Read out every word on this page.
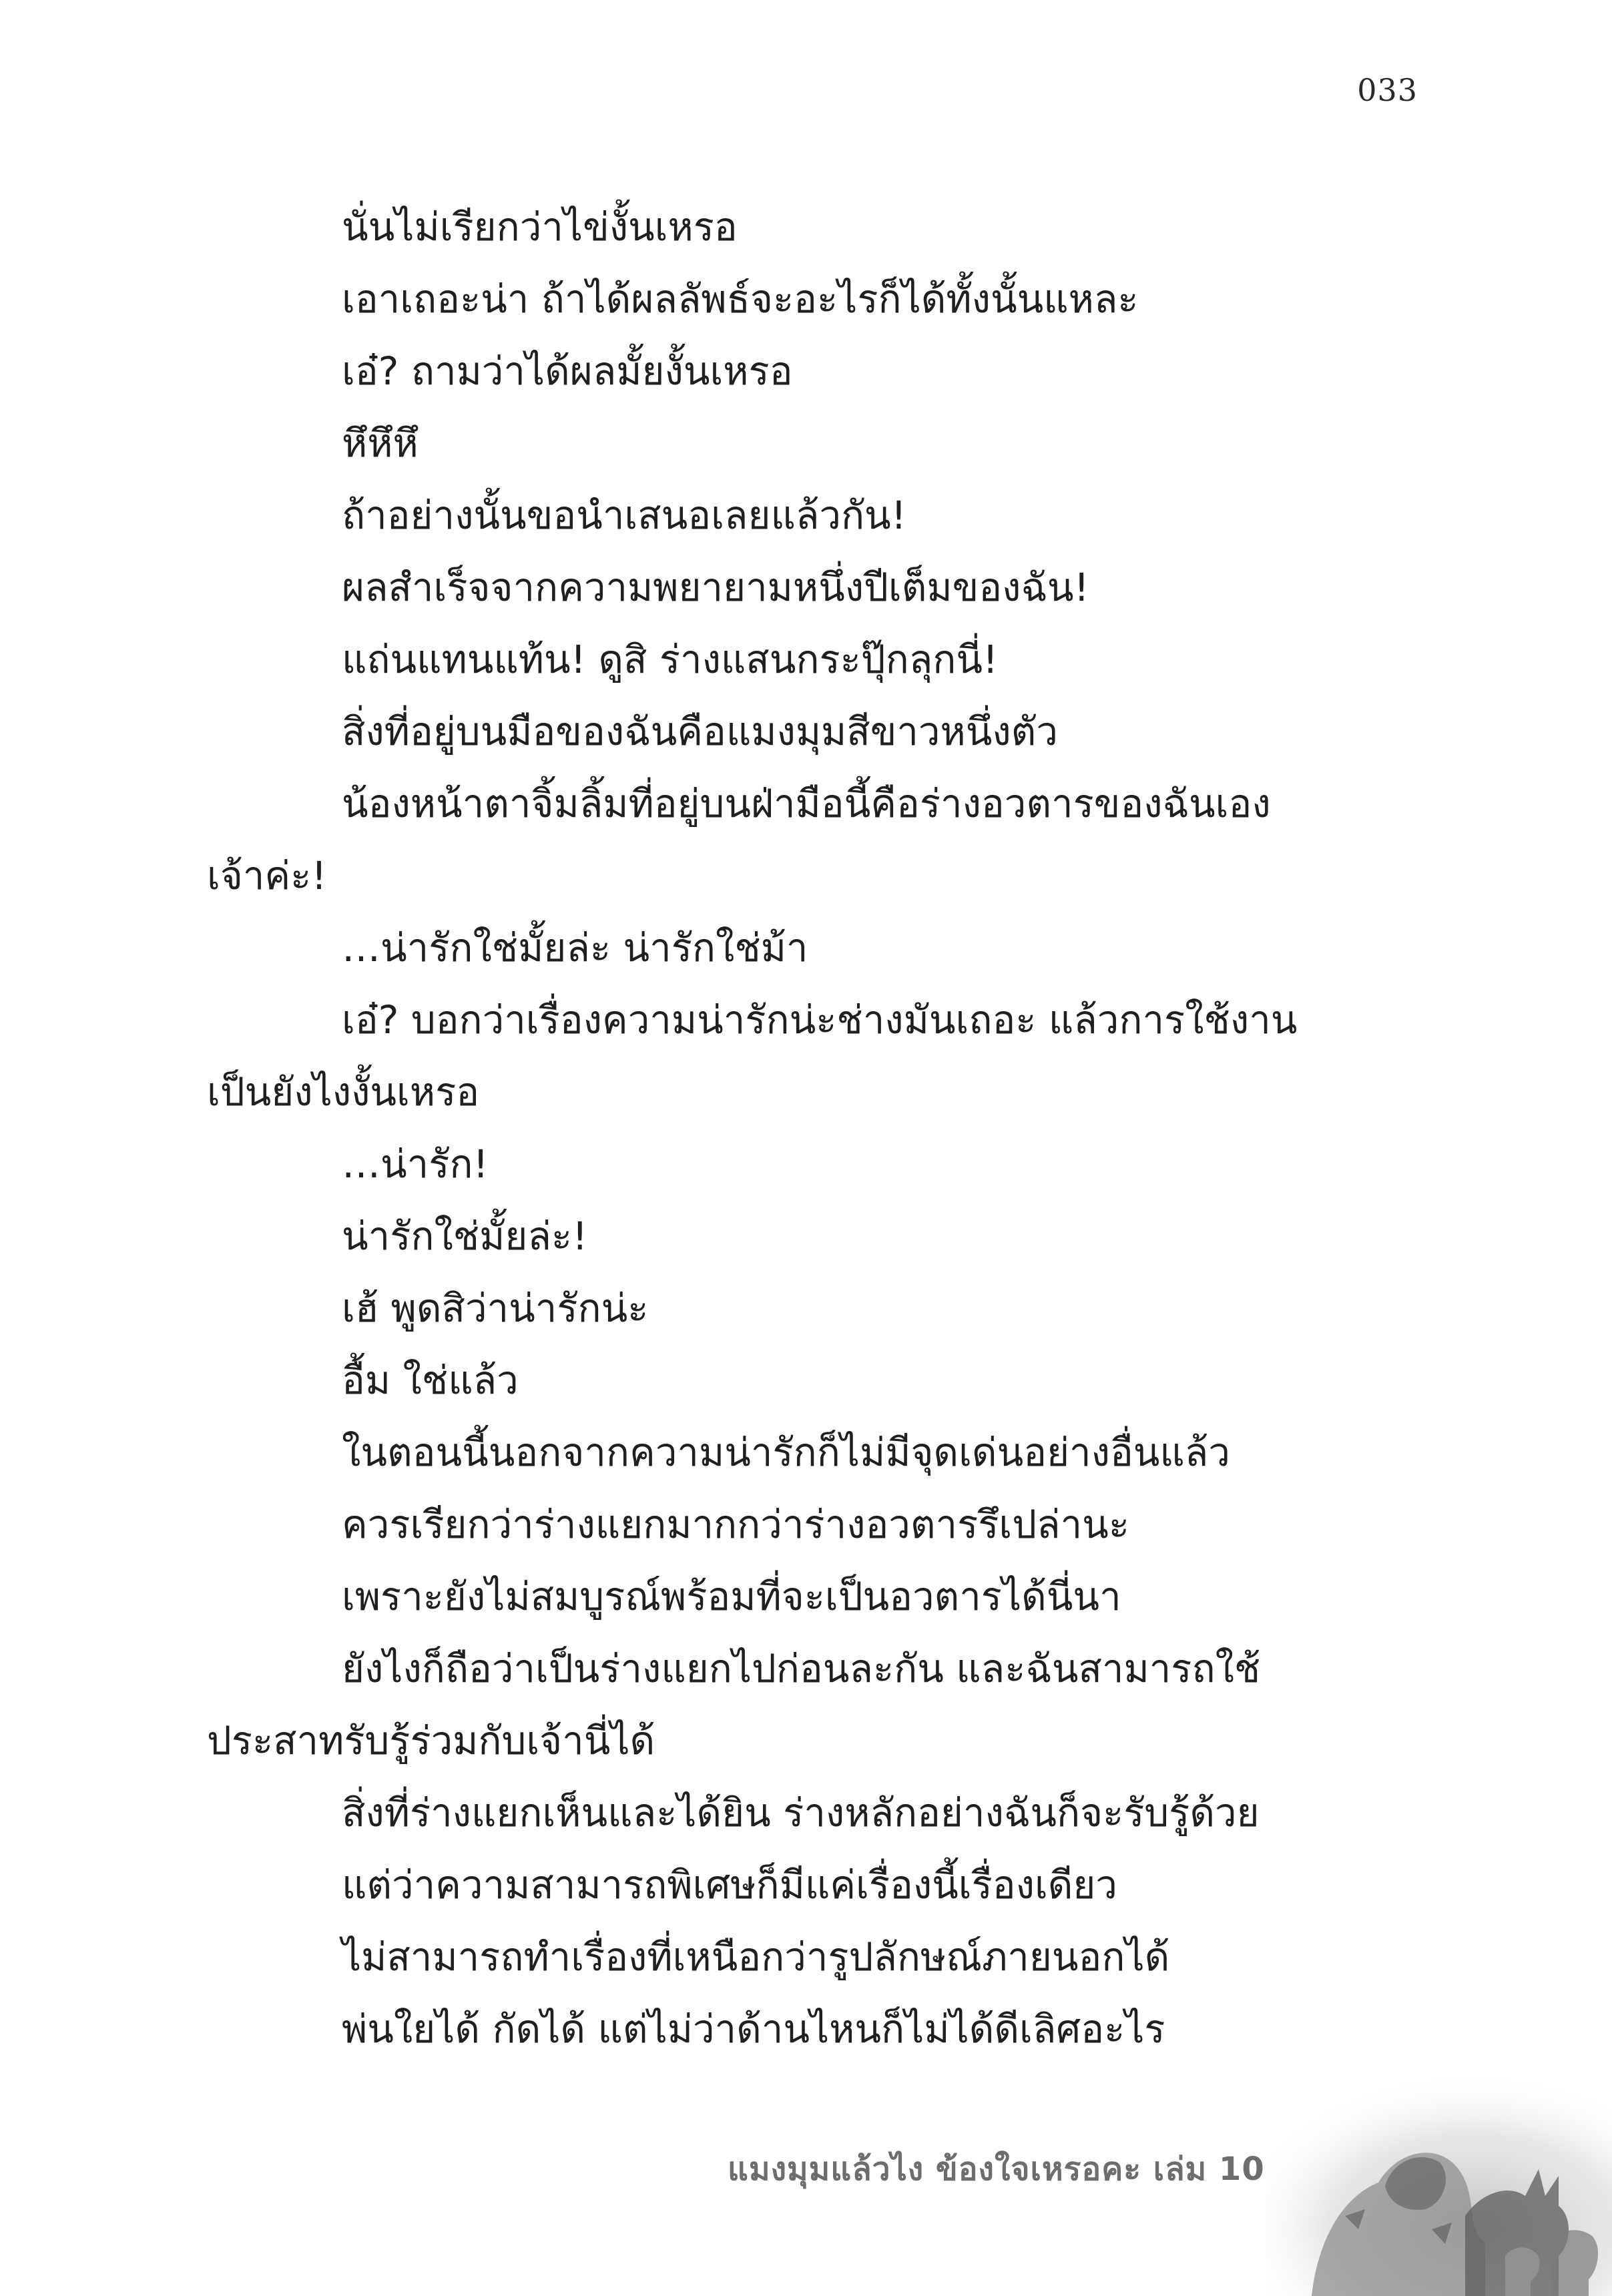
033

นั่นไม่เรียกว่าไข่งั้นเหรอ

เอาเถอะน่า ถ้าได้ผลลัพธ์จะอะไรก็ได้ทั้งนั้นแหละ

เอ๋? ถามว่าได้ผลมั้ยงั้นเหรอ

หึหึหึ

ถ้าอย่างนั้นขอนำเสนอเลยแล้วกัน!

ผลสำเร็จจากความพยายามหนึ่งปีเต็มของฉัน!

แถ่นแทนแท้น! ดูสิ ร่างแสนกระปุ๊กลุกนี่!

สิ่งที่อยู่บนมือของฉันคือแมงมุมสีขาวหนึ่งตัว

น้องหน้าตาจิ้มลิ้มที่อยู่บนฝ่ามือนี้คือร่างอวตารของฉันเอง

เจ้าค่ะ!

…น่ารักใช่มั้ยล่ะ น่ารักใช่ม้า

เอ๋? บอกว่าเรื่องความน่ารักน่ะช่างมันเถอะ แล้วการใช้งาน

เป็นยังไงงั้นเหรอ

…น่ารัก!

น่ารักใช่มั้ยล่ะ!

เฮ้ พูดสิว่าน่ารักน่ะ

อื้ม ใช่แล้ว

ในตอนนี้นอกจากความน่ารักก็ไม่มีจุดเด่นอย่างอื่นแล้ว

ควรเรียกว่าร่างแยกมากกว่าร่างอวตารรึเปล่านะ

เพราะยังไม่สมบูรณ์พร้อมที่จะเป็นอวตารได้นี่นา

ยังไงก็ถือว่าเป็นร่างแยกไปก่อนละกัน และฉันสามารถใช้

ประสาทรับรู้ร่วมกับเจ้านี่ได้

สิ่งที่ร่างแยกเห็นและได้ยิน ร่างหลักอย่างฉันก็จะรับรู้ด้วย

แต่ว่าความสามารถพิเศษก็มีแค่เรื่องนี้เรื่องเดียว

ไม่สามารถทำเรื่องที่เหนือกว่ารูปลักษณ์ภายนอกได้

พ่นใยได้ กัดได้ แต่ไม่ว่าด้านไหนก็ไม่ได้ดีเลิศอะไร

แมงมุมแล้วไง ข้องใจเหรอคะ เล่ม 10
